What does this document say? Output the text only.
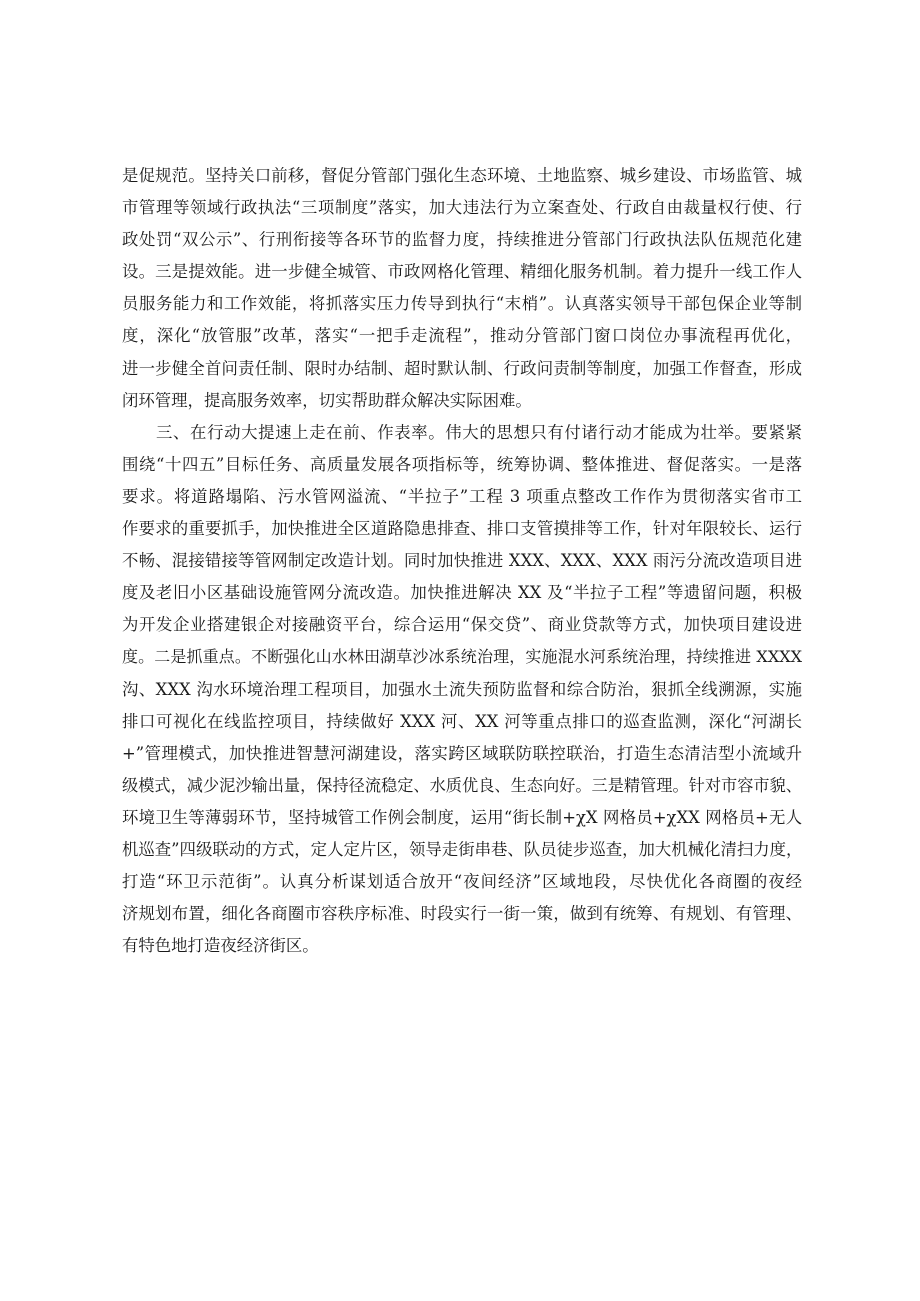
是促规范。坚持关口前移，督促分管部门强化生态环境、土地监察、城乡建设、市场监管、城
市管理等领域行政执法“三项制度”落实，加大违法行为立案查处、行政自由裁量权行使、行
政处罚“双公示”、行刑衔接等各环节的监督力度，持续推进分管部门行政执法队伍规范化建
设。三是提效能。进一步健全城管、市政网格化管理、精细化服务机制。着力提升一线工作人
员服务能力和工作效能，将抓落实压力传导到执行“末梢”。认真落实领导干部包保企业等制
度，深化“放管服”改革，落实“一把手走流程”，推动分管部门窗口岗位办事流程再优化，
进一步健全首问责任制、限时办结制、超时默认制、行政问责制等制度，加强工作督查，形成
闭环管理，提高服务效率，切实帮助群众解决实际困难。
　　三、在行动大提速上走在前、作表率。伟大的思想只有付诸行动才能成为壮举。要紧紧
围绕“十四五”目标任务、高质量发展各项指标等，统筹协调、整体推进、督促落实。一是落
要求。将道路塌陷、污水管网溢流、“半拉子”工程 3 项重点整改工作作为贯彻落实省市工
作要求的重要抓手，加快推进全区道路隐患排查、排口支管摸排等工作，针对年限较长、运行
不畅、混接错接等管网制定改造计划。同时加快推进 XXX、XXX、XXX 雨污分流改造项目进
度及老旧小区基础设施管网分流改造。加快推进解决 XX 及“半拉子工程”等遗留问题，积极
为开发企业搭建银企对接融资平台，综合运用“保交贷”、商业贷款等方式，加快项目建设进
度。二是抓重点。不断强化山水林田湖草沙冰系统治理，实施混水河系统治理，持续推进 XXXX
沟、XXX 沟水环境治理工程项目，加强水土流失预防监督和综合防治，狠抓全线溯源，实施
排口可视化在线监控项目，持续做好 XXX 河、XX 河等重点排口的巡查监测，深化“河湖长
+”管理模式，加快推进智慧河湖建设，落实跨区域联防联控联治，打造生态清洁型小流域升
级模式，减少泥沙输出量，保持径流稳定、水质优良、生态向好。三是精管理。针对市容市貌、
环境卫生等薄弱环节，坚持城管工作例会制度，运用“街长制+χX 网格员+χXX 网格员+无人
机巡查”四级联动的方式，定人定片区，领导走街串巷、队员徒步巡查，加大机械化清扫力度，
打造“环卫示范街”。认真分析谋划适合放开“夜间经济”区域地段，尽快优化各商圈的夜经
济规划布置，细化各商圈市容秩序标准、时段实行一街一策，做到有统筹、有规划、有管理、
有特色地打造夜经济街区。
